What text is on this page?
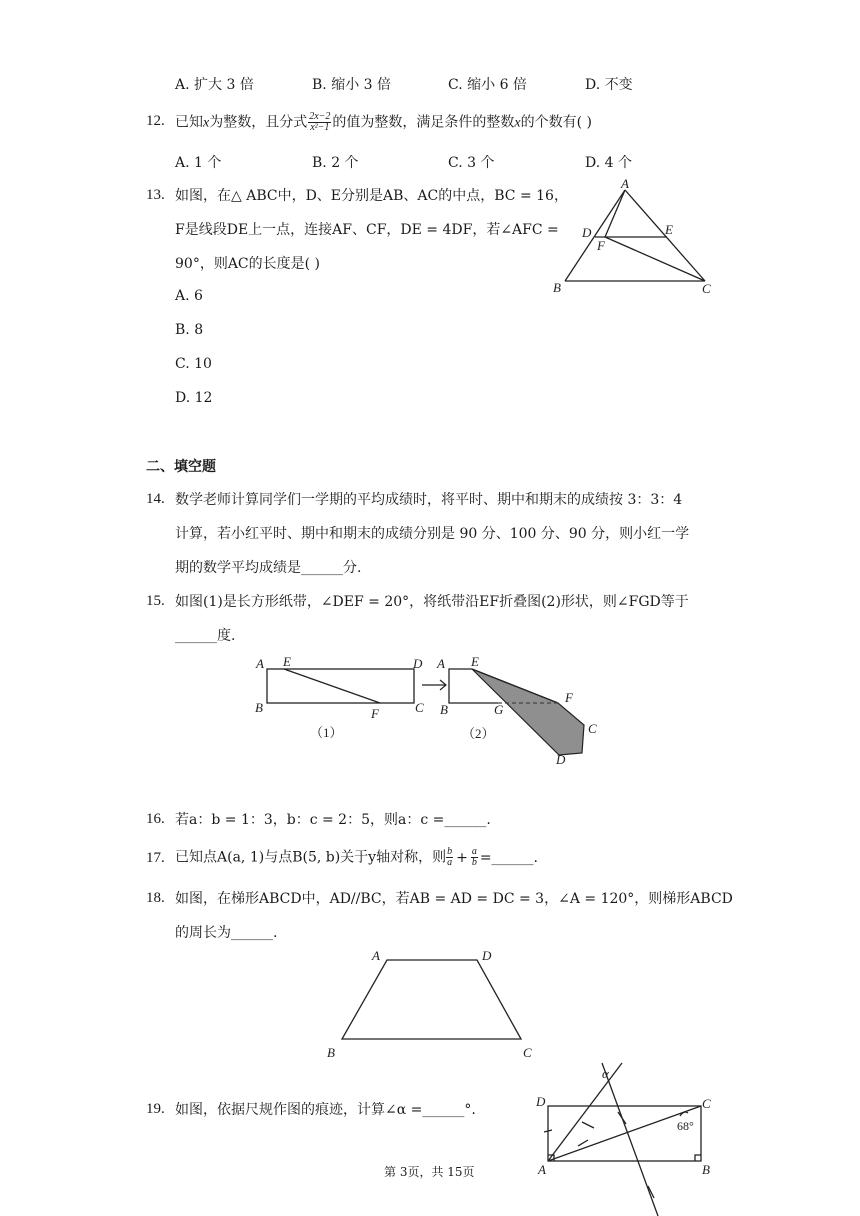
A. 扩大 3 倍	B. 缩小 3 倍	C. 缩小 6 倍	D. 不变
12. 已知x为整数，且分式 $\frac{2x-2}{\text{x²−1}}$ 的值为整数，满足条件的整数x的个数有( )
A. 1 个	B. 2 个	C. 3 个	D. 4 个
13. 如图，在△ ABC中，D、E分别是AB、AC的中点，BC = 16，
F是线段DE上一点，连接AF、CF，DE = 4DF，若∠AFC =
90°，则AC的长度是( )
A. 6
B. 8
C. 10
D. 12
A
D	E
F
B	C
二、填空题
14. 数学老师计算同学们一学期的平均成绩时，将平时、期中和期末的成绩按 3：3：4
计算，若小红平时、期中和期末的成绩分别是 90 分、100 分、90 分，则小红一学
期的数学平均成绩是______分.
15. 如图(1)是长方形纸带，∠DEF = 20°，将纸带沿EF折叠图(2)形状，则∠FGD等于
______度.
A E	D
B	F	C
（1）
A E
F
B	G
C
D
（2）
16. 若a：b = 1：3，b：c = 2：5，则a：c =______.
17. 已知点A(a, 1)与点B(5, b)关于y轴对称，则 $\frac{b}{a} + \frac{a}{b}$ =______.
18. 如图，在梯形ABCD中，AD//BC，若AB = AD = DC = 3，∠A = 120°，则梯形ABCD
的周长为______.
A	D
B	C
19. 如图，依据尺规作图的痕迹，计算∠α =______°.
D	C
A	B
α
68°
第 3页，共 15页
